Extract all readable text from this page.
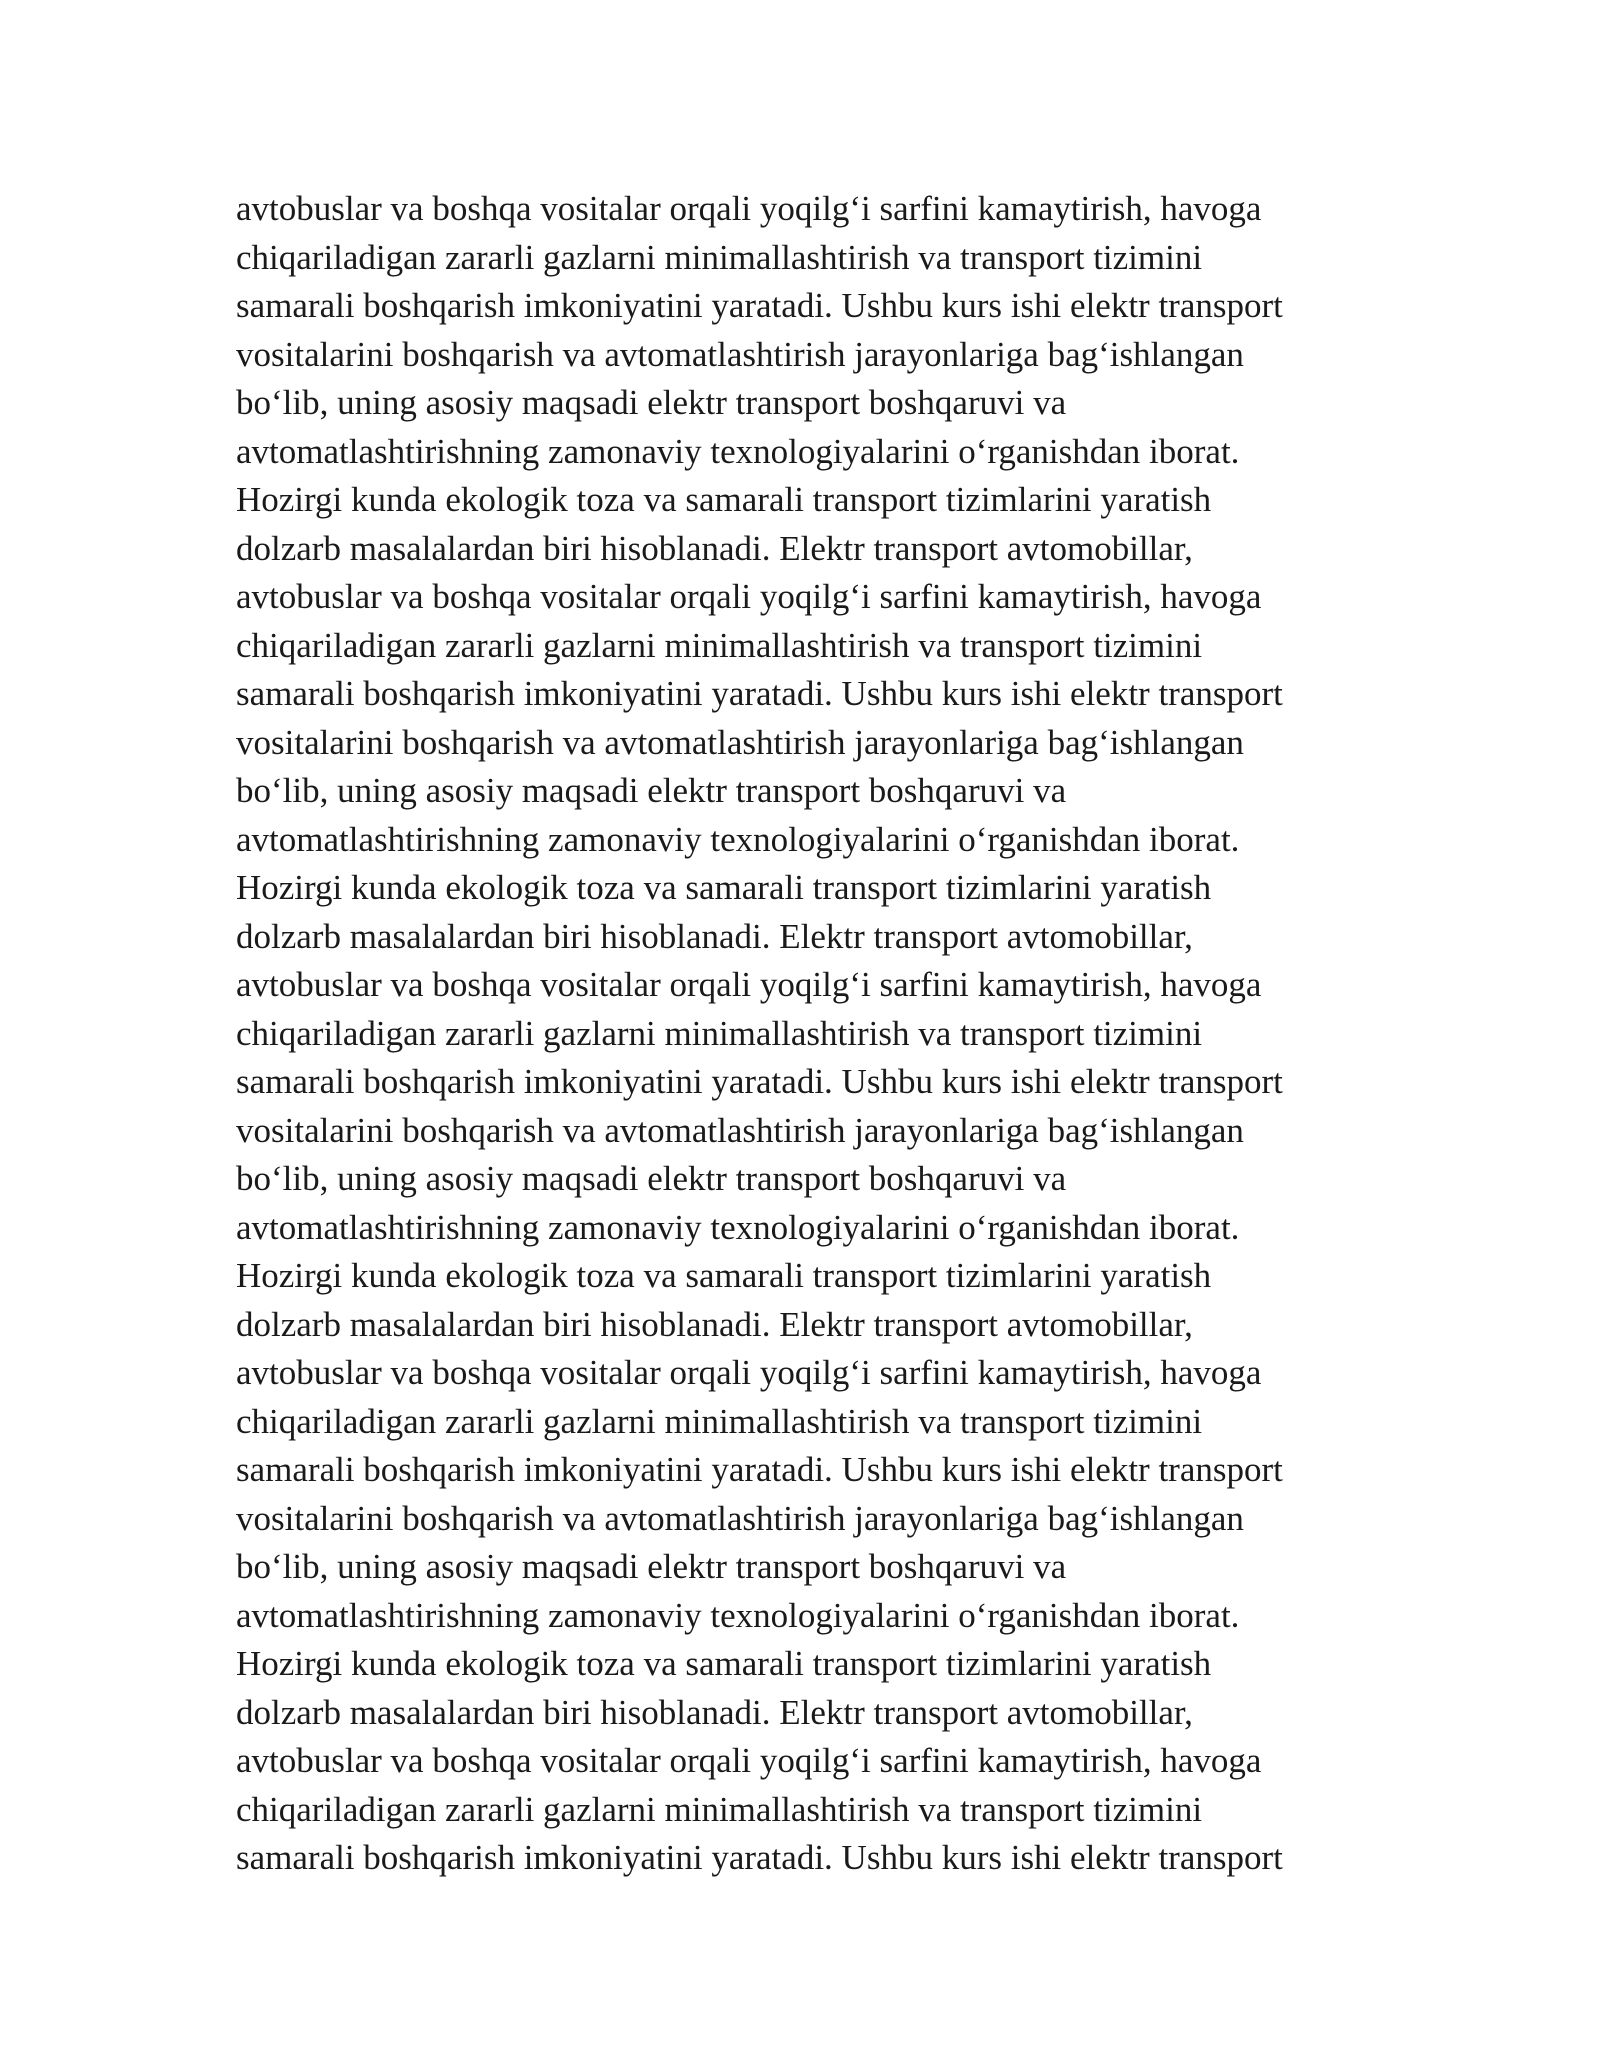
avtobuslar va boshqa vositalar orqali yoqilg‘i sarfini kamaytirish, havoga
chiqariladigan zararli gazlarni minimallashtirish va transport tizimini
samarali boshqarish imkoniyatini yaratadi. Ushbu kurs ishi elektr transport
vositalarini boshqarish va avtomatlashtirish jarayonlariga bag‘ishlangan
bo‘lib, uning asosiy maqsadi elektr transport boshqaruvi va
avtomatlashtirishning zamonaviy texnologiyalarini o‘rganishdan iborat.
Hozirgi kunda ekologik toza va samarali transport tizimlarini yaratish
dolzarb masalalardan biri hisoblanadi. Elektr transport avtomobillar,
avtobuslar va boshqa vositalar orqali yoqilg‘i sarfini kamaytirish, havoga
chiqariladigan zararli gazlarni minimallashtirish va transport tizimini
samarali boshqarish imkoniyatini yaratadi. Ushbu kurs ishi elektr transport
vositalarini boshqarish va avtomatlashtirish jarayonlariga bag‘ishlangan
bo‘lib, uning asosiy maqsadi elektr transport boshqaruvi va
avtomatlashtirishning zamonaviy texnologiyalarini o‘rganishdan iborat.
Hozirgi kunda ekologik toza va samarali transport tizimlarini yaratish
dolzarb masalalardan biri hisoblanadi. Elektr transport avtomobillar,
avtobuslar va boshqa vositalar orqali yoqilg‘i sarfini kamaytirish, havoga
chiqariladigan zararli gazlarni minimallashtirish va transport tizimini
samarali boshqarish imkoniyatini yaratadi. Ushbu kurs ishi elektr transport
vositalarini boshqarish va avtomatlashtirish jarayonlariga bag‘ishlangan
bo‘lib, uning asosiy maqsadi elektr transport boshqaruvi va
avtomatlashtirishning zamonaviy texnologiyalarini o‘rganishdan iborat.
Hozirgi kunda ekologik toza va samarali transport tizimlarini yaratish
dolzarb masalalardan biri hisoblanadi. Elektr transport avtomobillar,
avtobuslar va boshqa vositalar orqali yoqilg‘i sarfini kamaytirish, havoga
chiqariladigan zararli gazlarni minimallashtirish va transport tizimini
samarali boshqarish imkoniyatini yaratadi. Ushbu kurs ishi elektr transport
vositalarini boshqarish va avtomatlashtirish jarayonlariga bag‘ishlangan
bo‘lib, uning asosiy maqsadi elektr transport boshqaruvi va
avtomatlashtirishning zamonaviy texnologiyalarini o‘rganishdan iborat.
Hozirgi kunda ekologik toza va samarali transport tizimlarini yaratish
dolzarb masalalardan biri hisoblanadi. Elektr transport avtomobillar,
avtobuslar va boshqa vositalar orqali yoqilg‘i sarfini kamaytirish, havoga
chiqariladigan zararli gazlarni minimallashtirish va transport tizimini
samarali boshqarish imkoniyatini yaratadi. Ushbu kurs ishi elektr transport
